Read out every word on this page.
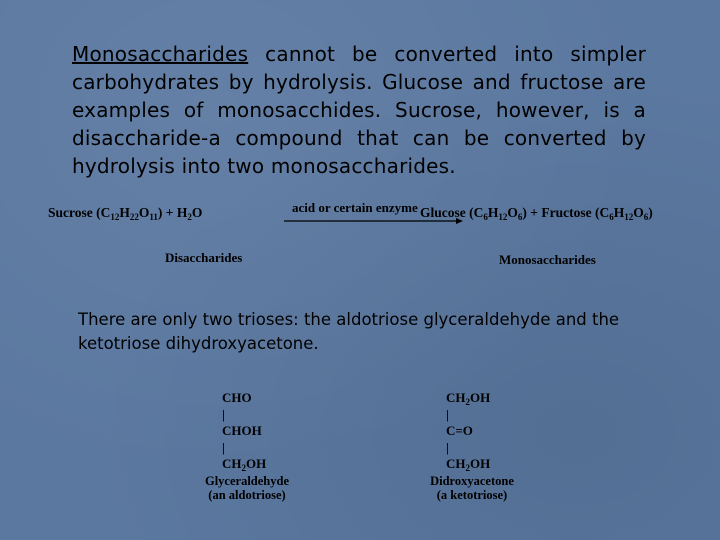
Monosaccharides cannot be converted into simpler carbohydrates by hydrolysis. Glucose and fructose are examples of monosacchides. Sucrose, however, is a disaccharide-a compound that can be converted by hydrolysis into two monosaccharides.
Sucrose $(C_{12}H_{22}O_{11}) + H_2O$	acid or certain enzyme Glucose $(C_6H_{12}O_6)$ + Fructose $(C_6H_{12}O_6)$
Disaccharides	Monosaccharides
There are only two trioses: the aldotriose glyceraldehyde and the ketotriose dihydroxyacetone.
CHO
|
CHOH
|
$CH_2OH$
Glyceraldehyde
(an aldotriose)
$CH_2OH$
|
C=O
|
$CH_2OH$
Didroxyacetone
(a ketotriose)
